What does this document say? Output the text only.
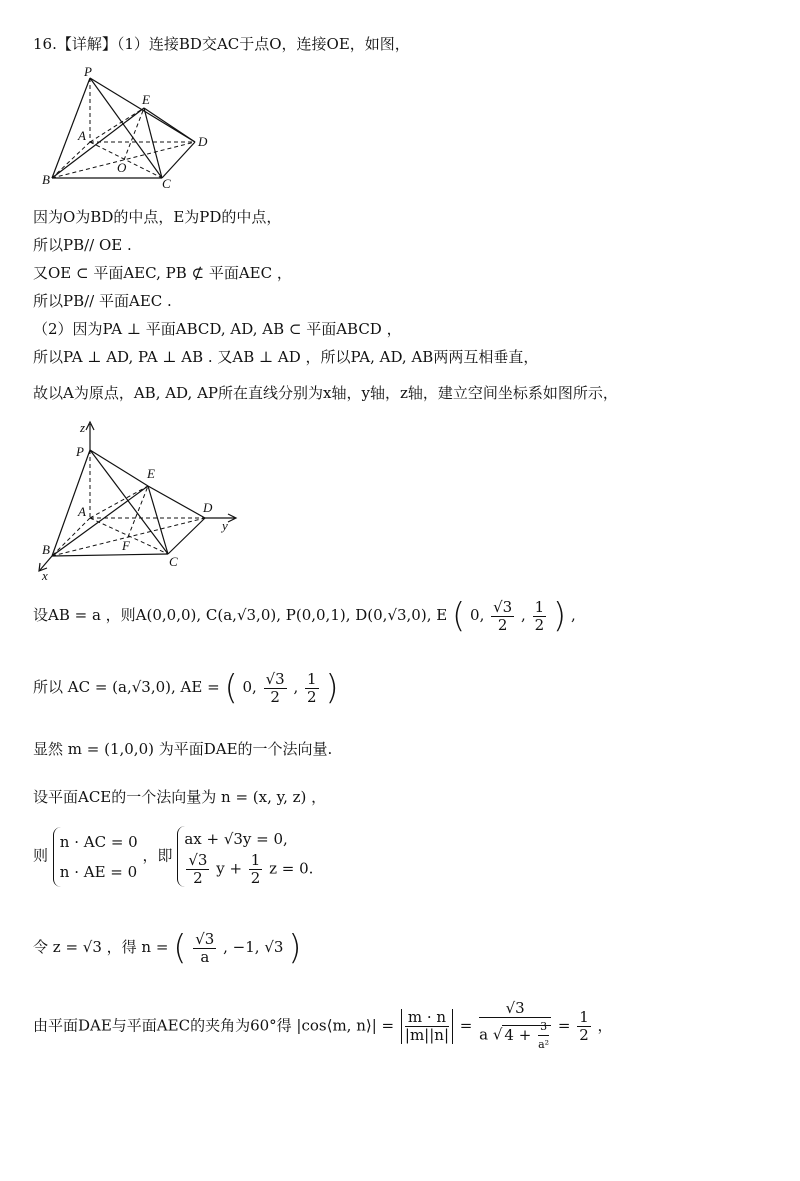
16.【详解】（1）连接BD交AC于点O，连接OE，如图，
P
E
A	D
O
B	C
因为O为BD的中点，E为PD的中点，
所以PB// OE .
又OE ⊂ 平面AEC, PB ⊄ 平面AEC ，
所以PB// 平面AEC .
（2）因为PA ⊥ 平面ABCD, AD, AB ⊂ 平面ABCD ，
所以PA ⊥ AD, PA ⊥ AB . 又AB ⊥ AD ，所以PA, AD, AB两两互相垂直，
故以A为原点，AB, AD, AP所在直线分别为x轴，y轴，z轴，建立空间坐标系如图所示，
z
P
E
A	D
y
B	F
C
x
设AB = a ，则A(0,0,0), C(a,√3,0), P(0,0,1), D(0,√3,0), E ( 0, $\frac{√3}{2}$ , $\frac{1}{2}$ ) ,
所以 AC = (a,√3,0), AE = ( 0, $\frac{√3}{2}$ , $\frac{1}{2}$ )
显然 m = (1,0,0) 为平面DAE的一个法向量.
设平面ACE的一个法向量为 n = (x, y, z) ，
则 n · AC = 0
n · AE = 0 ，即 ax + √3y = 0,

$\frac{√3}{2}$ $y + \frac{1}{2}$ z = 0.
令 z = √3 ，得 n = ( $\frac{√3}{a}$ , −1, √3 )
由平面DAE与平面AEC的夹角为60°得 |cos⟨m, n⟩| = $\frac{m \cdot n}{|m||n|} = \frac{√3}{a √ 4 + \frac{3}{\text{a²}}} = \frac{1}{2}$ ，
